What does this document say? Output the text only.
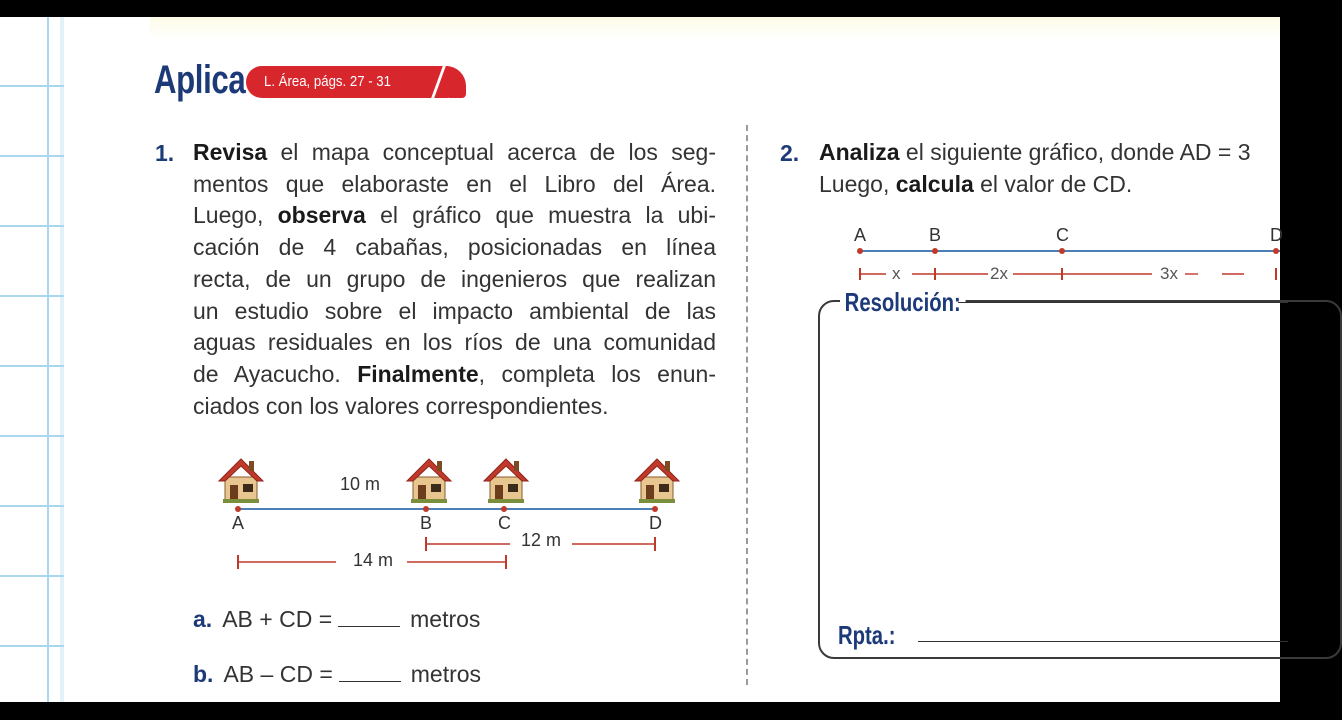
Aplica L. Área, págs. 27 - 31
1. Revisa el mapa conceptual acerca de los seg-
mentos que elaboraste en el Libro del Área.
Luego, observa el gráfico que muestra la ubi-
cación de 4 cabañas, posicionadas en línea
recta, de un grupo de ingenieros que realizan
un estudio sobre el impacto ambiental de las
aguas residuales en los ríos de una comunidad
de Ayacucho. Finalmente, completa los enun-
ciados con los valores correspondientes.
A	B	C	D
10 m
12 m
14 m
a. AB + CD =	metros
b. AB – CD =	metros
2. Analiza el siguiente gráfico, donde AD = 3
Luego, calcula el valor de CD.
A	B	C	D
x	2x	3x
Resolución:
Rpta.:
